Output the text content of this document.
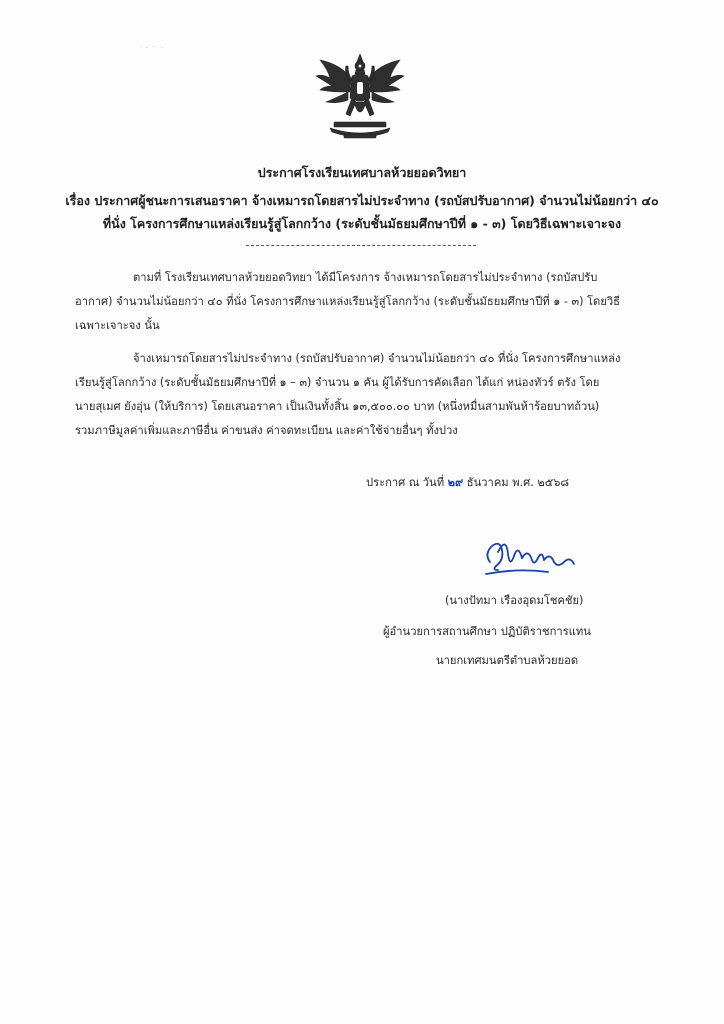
· ‐ ·· ‐
ประกาศโรงเรียนเทศบาลห้วยยอดวิทยา
เรื่อง ประกาศผู้ชนะการเสนอราคา จ้างเหมารถโดยสารไม่ประจำทาง (รถบัสปรับอากาศ) จำนวนไม่น้อยกว่า ๔๐
ที่นั่ง โครงการศึกษาแหล่งเรียนรู้สู่โลกกว้าง (ระดับชั้นมัธยมศึกษาปีที่ ๑ - ๓) โดยวิธีเฉพาะเจาะจง
ตามที่ โรงเรียนเทศบาลห้วยยอดวิทยา ได้มีโครงการ จ้างเหมารถโดยสารไม่ประจำทาง (รถบัสปรับ
อากาศ) จำนวนไม่น้อยกว่า ๔๐ ที่นั่ง โครงการศึกษาแหล่งเรียนรู้สู่โลกกว้าง (ระดับชั้นมัธยมศึกษาปีที่ ๑ - ๓) โดยวิธี
เฉพาะเจาะจง นั้น
จ้างเหมารถโดยสารไม่ประจำทาง (รถบัสปรับอากาศ) จำนวนไม่น้อยกว่า ๔๐ ที่นั่ง โครงการศึกษาแหล่ง
เรียนรู้สู่โลกกว้าง (ระดับชั้นมัธยมศึกษาปีที่ ๑ – ๓) จำนวน ๑ คัน ผู้ได้รับการคัดเลือก ได้แก่ หน่องทัวร์ ตรัง โดย
นายสุเมศ ยังอุ่น (ให้บริการ) โดยเสนอราคา เป็นเงินทั้งสิ้น ๑๓,๕๐๐.๐๐ บาท (หนึ่งหมื่นสามพันห้าร้อยบาทถ้วน)
รวมภาษีมูลค่าเพิ่มและภาษีอื่น ค่าขนส่ง ค่าจดทะเบียน และค่าใช้จ่ายอื่นๆ ทั้งปวง
ประกาศ ณ วันที่ ๒๙ ธันวาคม พ.ศ. ๒๕๖๘
(นางปัทมา เรืองอุดมโชคชัย)
ผู้อำนวยการสถานศึกษา ปฏิบัติราชการแทน
นายกเทศมนตรีตำบลห้วยยอด
